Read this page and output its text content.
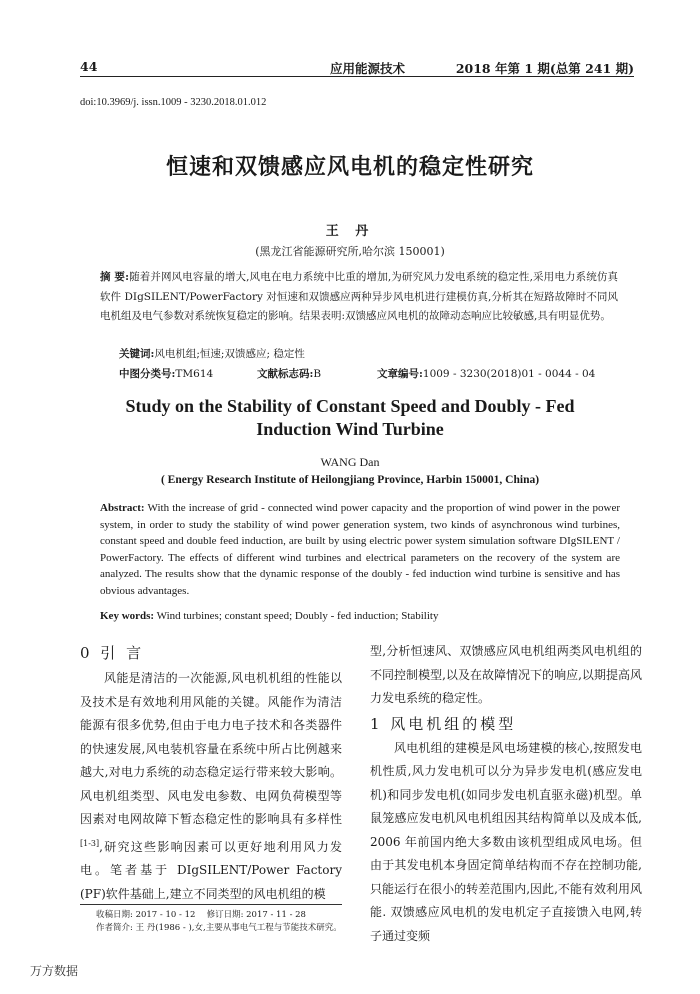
44	应用能源技术	2018 年第 1 期(总第 241 期)
doi:10.3969/j. issn.1009 - 3230.2018.01.012
恒速和双馈感应风电机的稳定性研究
王 丹
(黑龙江省能源研究所,哈尔滨 150001)
摘 要:随着并网风电容量的增大,风电在电力系统中比重的增加,为研究风力发电系统的稳定性,采用电力系统仿真软件 DIgSILENT/PowerFactory 对恒速和双馈感应两种异步风电机进行建模仿真,分析其在短路故障时不同风电机组及电气参数对系统恢复稳定的影响。结果表明:双馈感应风电机的故障动态响应比较敏感,具有明显优势。
关键词:风电机组;恒速;双馈感应; 稳定性
中图分类号:TM614	文献标志码:B	文章编号:1009 - 3230(2018)01 - 0044 - 04
Study on the Stability of Constant Speed and Doubly - Fed
Induction Wind Turbine
WANG Dan
( Energy Research Institute of Heilongjiang Province, Harbin 150001, China)
Abstract: With the increase of grid - connected wind power capacity and the proportion of wind power in the power system, in order to study the stability of wind power generation system, two kinds of asynchronous wind turbines, constant speed and double feed induction, are built by using electric power system simulation software DIgSILENT / PowerFactory. The effects of different wind turbines and electrical parameters on the recovery of the system are analyzed. The results show that the dynamic response of the doubly - fed induction wind turbine is sensitive and has obvious advantages.
Key words: Wind turbines; constant speed; Doubly - fed induction; Stability
0 引 言

风能是清洁的一次能源,风电机机组的性能以及技术是有效地利用风能的关键。风能作为清洁能源有很多优势,但由于电力电子技术和各类器件的快速发展,风电装机容量在系统中所占比例越来越大,对电力系统的动态稳定运行带来较大影响。风电机组类型、风电发电参数、电网负荷模型等因素对电网故障下暂态稳定性的影响具有多样性[1-3],研究这些影响因素可以更好地利用风力发电。笔者基于 DIgSILENT/Power Factory (PF)软件基础上,建立不同类型的风电机组的模

型,分析恒速风、双馈感应风电机组两类风电机组的不同控制模型,以及在故障情况下的响应,以期提高风力发电系统的稳定性。
1 风电机组的模型

风电机组的建模是风电场建模的核心,按照发电机性质,风力发电机可以分为异步发电机(感应发电机)和同步发电机(如同步发电机直驱永磁)机型。单鼠笼感应发电机风电机组因其结构简单以及成本低, 2006 年前国内绝大多数由该机型组成风电场。但由于其发电机本身固定简单结构而不存在控制功能,只能运行在很小的转差范围内,因此,不能有效利用风能. 双馈感应风电机的发电机定子直接馈入电网,转子通过变频

收稿日期: 2017 - 10 - 12　 修订日期: 2017 - 11 - 28
作者简介: 王 丹(1986 - ),女,主要从事电气工程与节能技术研究。
万方数据
